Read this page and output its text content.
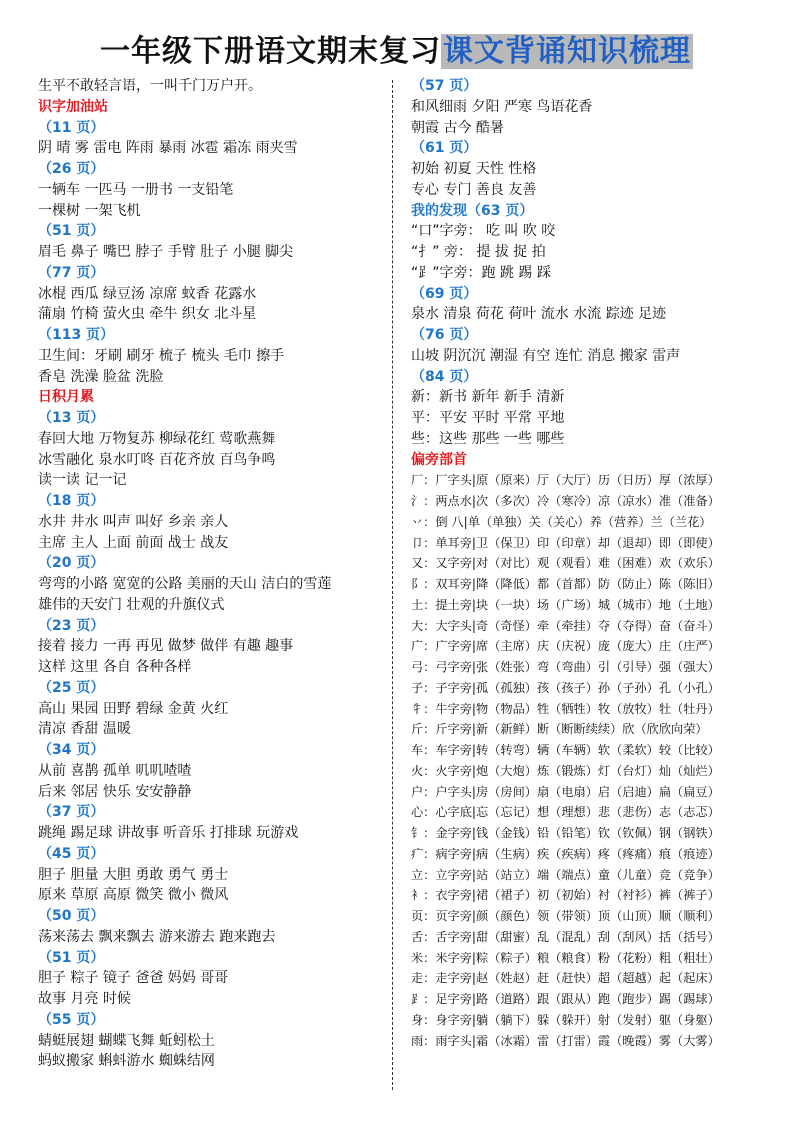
一年级下册语文期末复习课文背诵知识梳理
生平不敢轻言语，一叫千门万户开。
识字加油站
（11 页）
阴 晴 雾 雷电 阵雨 暴雨 冰雹 霜冻 雨夹雪
（26 页）
一辆车 一匹马 一册书 一支铅笔
一棵树 一架飞机
（51 页）
眉毛 鼻子 嘴巴 脖子 手臂 肚子 小腿 脚尖
（77 页）
冰棍 西瓜 绿豆汤 凉席 蚊香 花露水
蒲扇 竹椅 萤火虫 牵牛 织女 北斗星
（113 页）
卫生间：牙刷 刷牙 梳子 梳头 毛巾 擦手
香皂 洗澡 脸盆 洗脸
日积月累
（13 页）
春回大地 万物复苏 柳绿花红 莺歌燕舞
冰雪融化 泉水叮咚 百花齐放 百鸟争鸣
读一读 记一记
（18 页）
水井 井水 叫声 叫好 乡亲 亲人
主席 主人 上面 前面 战士 战友
（20 页）
弯弯的小路 宽宽的公路 美丽的天山 洁白的雪莲
雄伟的天安门 壮观的升旗仪式
（23 页）
接着 接力 一再 再见 做梦 做伴 有趣 趣事
这样 这里 各自 各种各样
（25 页）
高山 果园 田野 碧绿 金黄 火红
清凉 香甜 温暖
（34 页）
从前 喜鹊 孤单 叽叽喳喳
后来 邻居 快乐 安安静静
（37 页）
跳绳 踢足球 讲故事 听音乐 打排球 玩游戏
（45 页）
胆子 胆量 大胆 勇敢 勇气 勇士
原来 草原 高原 微笑 微小 微风
（50 页）
荡来荡去 飘来飘去 游来游去 跑来跑去
（51 页）
胆子 粽子 镜子 爸爸 妈妈 哥哥
故事 月亮 时候
（55 页）
蜻蜓展翅 蝴蝶飞舞 蚯蚓松土
蚂蚁搬家 蝌蚪游水 蜘蛛结网
（57 页）
和风细雨 夕阳 严寒 鸟语花香
朝霞 古今 酷暑
（61 页）
初始 初夏 天性 性格
专心 专门 善良 友善
我的发现（63 页）
“口”字旁： 吃 叫 吹 咬
“扌” 旁： 提 拔 捉 拍
“⻊”字旁：跑 跳 踢 踩
（69 页）
泉水 清泉 荷花 荷叶 流水 水流 踪迹 足迹
（76 页）
山坡 阴沉沉 潮湿 有空 连忙 消息 搬家 雷声
（84 页）
新：新书 新年 新手 清新
平：平安 平时 平常 平地
些：这些 那些 一些 哪些
偏旁部首
厂：厂字头|原（原来）厅（大厅）历（日历）厚（浓厚）
氵：两点水|次（多次）冷（寒冷）凉（凉水）准（准备）
丷：倒 八|单（单独）关（关心）养（营养）兰（兰花）
卩：单耳旁|卫（保卫）印（印章）却（退却）即（即使）
又：又字旁|对（对比）观（观看）难（困难）欢（欢乐）
阝：双耳旁|降（降低）都（首都）防（防止）陈（陈旧）
土：提土旁|块（一块）场（广场）城（城市）地（土地）
大：大字头|奇（奇怪）牵（牵挂）夺（夺得）奋（奋斗）
广：广字旁|席（主席）庆（庆祝）庞（庞大）庄（庄严）
弓：弓字旁|张（姓张）弯（弯曲）引（引导）强（强大）
子：子字旁|孤（孤独）孩（孩子）孙（子孙）孔（小孔）
牜：牛字旁|物（物品）牲（牺牲）牧（放牧）牡（牡丹）
斤：斤字旁|新（新鲜）断（断断续续）欣（欣欣向荣）
车：车字旁|转（转弯）辆（车辆）软（柔软）较（比较）
火：火字旁|炮（大炮）炼（锻炼）灯（台灯）灿（灿烂）
户：户字头|房（房间）扇（电扇）启（启迪）扁（扁豆）
心：心字底|忘（忘记）想（理想）悲（悲伤）志（志忑）
钅：金字旁|钱（金钱）铅（铅笔）钦（钦佩）钢（钢铁）
疒：病字旁|病（生病）疾（疾病）疼（疼痛）痕（痕迹）
立：立字旁|站（站立）端（端点）童（儿童）竞（竞争）
衤：衣字旁|裙（裙子）初（初始）衬（衬衫）裤（裤子）
页：页字旁|颜（颜色）领（带领）顶（山顶）顺（顺利）
舌：舌字旁|甜（甜蜜）乱（混乱）刮（刮风）括（括号）
米：米字旁|粽（粽子）粮（粮食）粉（花粉）粗（粗壮）
走：走字旁|赵（姓赵）赶（赶快）超（超越）起（起床）
⻊：足字旁|路（道路）跟（跟从）跑（跑步）踢（踢球）
身：身字旁|躺（躺下）躲（躲开）射（发射）躯（身躯）
雨：雨字头|霜（冰霜）雷（打雷）霞（晚霞）雾（大雾）
